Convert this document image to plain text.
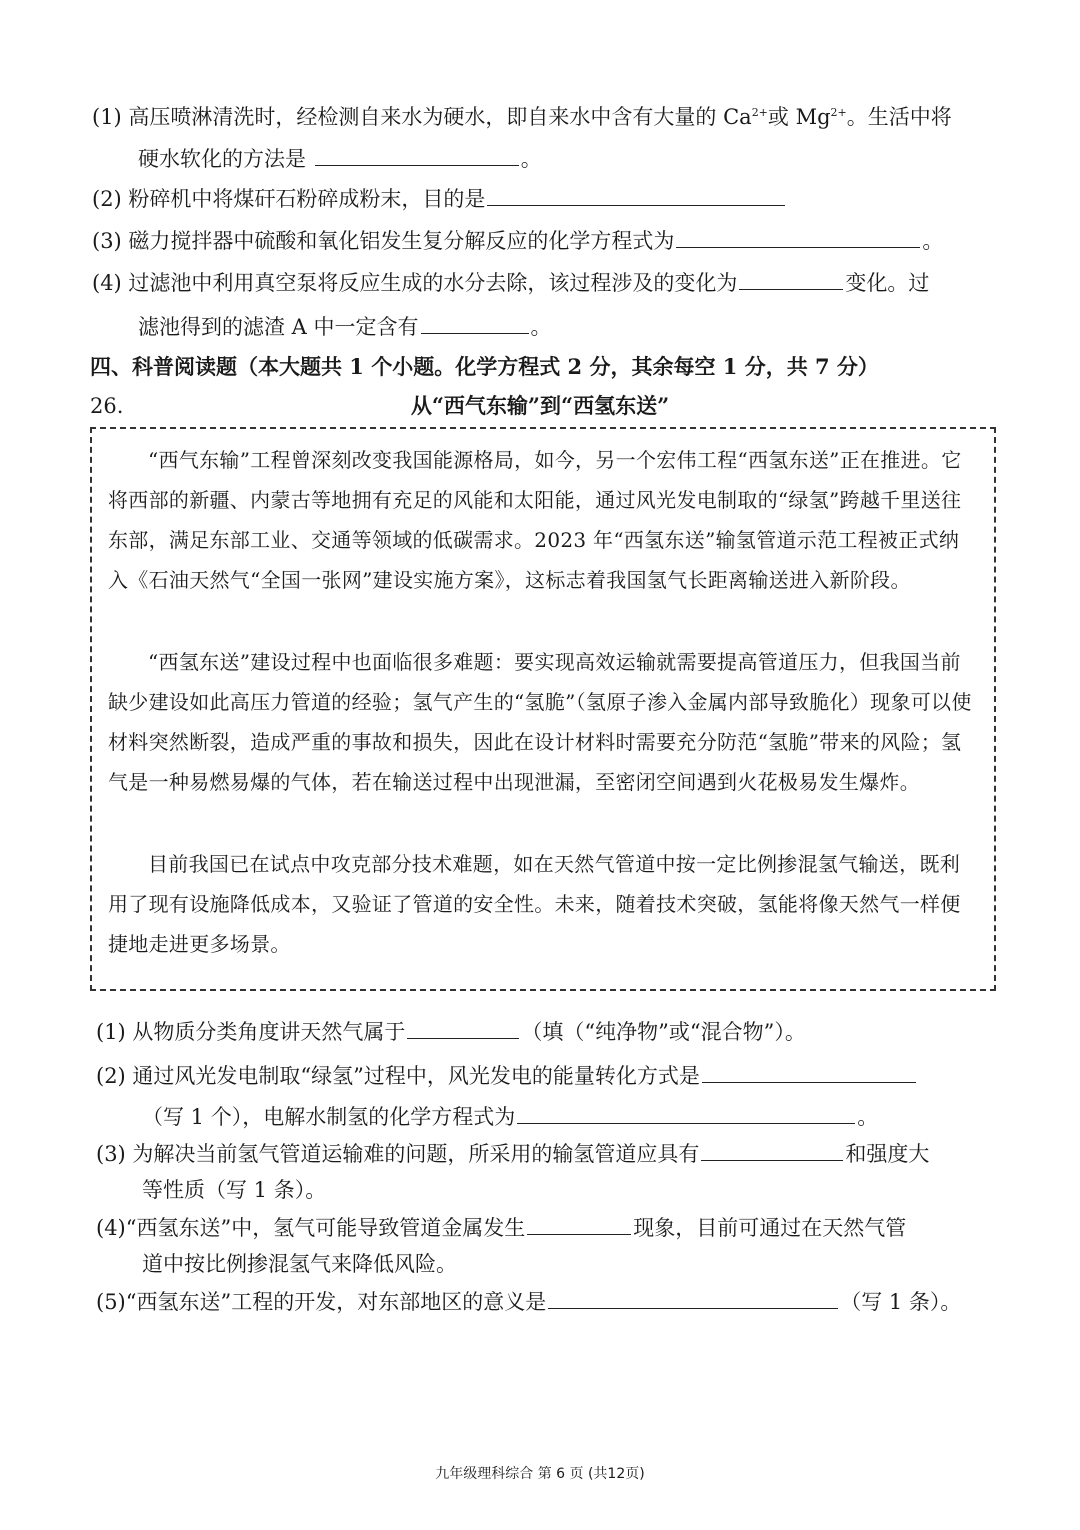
(1) 高压喷淋清洗时，经检测自来水为硬水，即自来水中含有大量的 $Ca^{2+}$或 $Mg^{2+}$。生活中将
硬水软化的方法是	。
(2) 粉碎机中将煤矸石粉碎成粉末，目的是
(3) 磁力搅拌器中硫酸和氧化铝发生复分解反应的化学方程式为	。
(4) 过滤池中利用真空泵将反应生成的水分去除，该过程涉及的变化为	变化。过
滤池得到的滤渣 A 中一定含有	。
四、科普阅读题（本大题共 1 个小题。化学方程式 2 分，其余每空 1 分，共 7 分）
26.	从“西气东输”到“西氢东送”
“西气东输”工程曾深刻改变我国能源格局，如今，另一个宏伟工程“西氢东送”正在推进。它将西部的新疆、内蒙古等地拥有充足的风能和太阳能，通过风光发电制取的“绿氢”跨越千里送往东部，满足东部工业、交通等领域的低碳需求。2023 年“西氢东送”输氢管道示范工程被正式纳入《石油天然气“全国一张网”建设实施方案》，这标志着我国氢气长距离输送进入新阶段。
“西氢东送”建设过程中也面临很多难题：要实现高效运输就需要提高管道压力，但我国当前缺少建设如此高压力管道的经验；氢气产生的“氢脆”（氢原子渗入金属内部导致脆化）现象可以使材料突然断裂，造成严重的事故和损失，因此在设计材料时需要充分防范“氢脆”带来的风险；氢气是一种易燃易爆的气体，若在输送过程中出现泄漏，至密闭空间遇到火花极易发生爆炸。
目前我国已在试点中攻克部分技术难题，如在天然气管道中按一定比例掺混氢气输送，既利用了现有设施降低成本，又验证了管道的安全性。未来，随着技术突破，氢能将像天然气一样便捷地走进更多场景。
(1) 从物质分类角度讲天然气属于	（填（“纯净物”或“混合物”）。
(2) 通过风光发电制取“绿氢”过程中，风光发电的能量转化方式是
（写 1 个），电解水制氢的化学方程式为	。
(3) 为解决当前氢气管道运输难的问题，所采用的输氢管道应具有	和强度大
等性质（写 1 条）。
(4)“西氢东送”中，氢气可能导致管道金属发生	现象，目前可通过在天然气管
道中按比例掺混氢气来降低风险。
(5)“西氢东送”工程的开发，对东部地区的意义是	（写 1 条）。
九年级理科综合 第 6 页 (共12页)
